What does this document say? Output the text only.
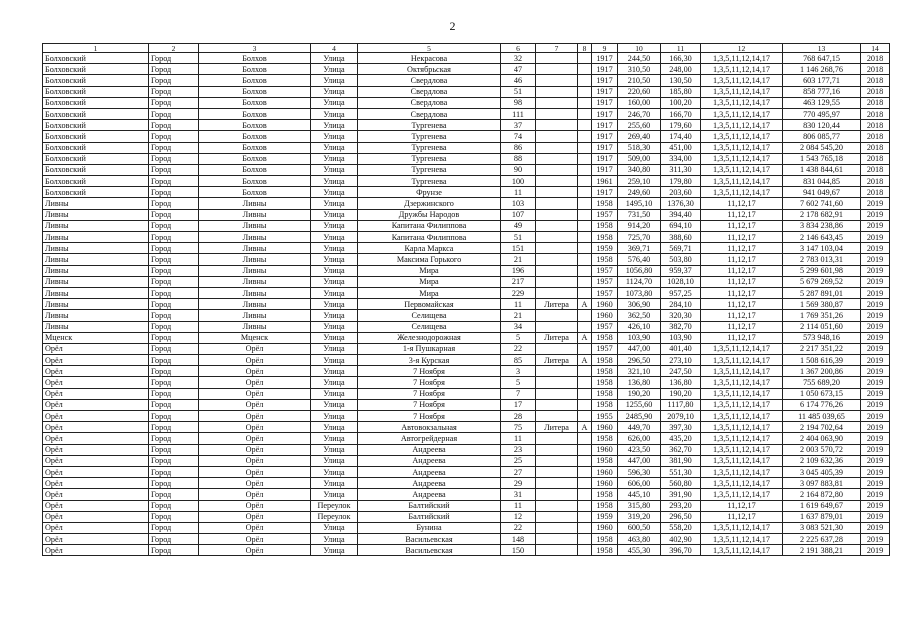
2
1	2	3	4	5	6	7	8	9	10	11	12	13	14
Болховский	Город	Болхов	Улица	Некрасова	32			1917	244,50	166,30	1,3,5,11,12,14,17	768 647,15	2018
Болховский	Город	Болхов	Улица	Октябрьская	47			1917	310,50	248,00	1,3,5,11,12,14,17	1 146 268,76	2018
Болховский	Город	Болхов	Улица	Свердлова	46			1917	210,50	130,50	1,3,5,11,12,14,17	603 177,71	2018
Болховский	Город	Болхов	Улица	Свердлова	51			1917	220,60	185,80	1,3,5,11,12,14,17	858 777,16	2018
Болховский	Город	Болхов	Улица	Свердлова	98			1917	160,00	100,20	1,3,5,11,12,14,17	463 129,55	2018
Болховский	Город	Болхов	Улица	Свердлова	111			1917	246,70	166,70	1,3,5,11,12,14,17	770 495,97	2018
Болховский	Город	Болхов	Улица	Тургенева	37			1917	255,60	179,60	1,3,5,11,12,14,17	830 120,44	2018
Болховский	Город	Болхов	Улица	Тургенева	74			1917	269,40	174,40	1,3,5,11,12,14,17	806 085,77	2018
Болховский	Город	Болхов	Улица	Тургенева	86			1917	518,30	451,00	1,3,5,11,12,14,17	2 084 545,20	2018
Болховский	Город	Болхов	Улица	Тургенева	88			1917	509,00	334,00	1,3,5,11,12,14,17	1 543 765,18	2018
Болховский	Город	Болхов	Улица	Тургенева	90			1917	340,80	311,30	1,3,5,11,12,14,17	1 438 844,61	2018
Болховский	Город	Болхов	Улица	Тургенева	100			1961	259,10	179,80	1,3,5,11,12,14,17	831 044,85	2018
Болховский	Город	Болхов	Улица	Фрунзе	11			1917	249,60	203,60	1,3,5,11,12,14,17	941 049,67	2018
Ливны	Город	Ливны	Улица	Дзержинского	103			1958	1495,10	1376,30	11,12,17	7 602 741,60	2019
Ливны	Город	Ливны	Улица	Дружбы Народов	107			1957	731,50	394,40	11,12,17	2 178 682,91	2019
Ливны	Город	Ливны	Улица	Капитана Филиппова	49			1958	914,20	694,10	11,12,17	3 834 238,86	2019
Ливны	Город	Ливны	Улица	Капитана Филиппова	51			1958	725,70	388,60	11,12,17	2 146 643,45	2019
Ливны	Город	Ливны	Улица	Карла Маркса	151			1959	369,71	569,71	11,12,17	3 147 103,04	2019
Ливны	Город	Ливны	Улица	Максима Горького	21			1958	576,40	503,80	11,12,17	2 783 013,31	2019
Ливны	Город	Ливны	Улица	Мира	196			1957	1056,80	959,37	11,12,17	5 299 601,98	2019
Ливны	Город	Ливны	Улица	Мира	217			1957	1124,70	1028,10	11,12,17	5 679 269,52	2019
Ливны	Город	Ливны	Улица	Мира	229			1957	1073,80	957,25	11,12,17	5 287 891,01	2019
Ливны	Город	Ливны	Улица	Первомайская	11	Литера	А	1960	306,90	284,10	11,12,17	1 569 380,87	2019
Ливны	Город	Ливны	Улица	Селищева	21			1960	362,50	320,30	11,12,17	1 769 351,26	2019
Ливны	Город	Ливны	Улица	Селищева	34			1957	426,10	382,70	11,12,17	2 114 051,60	2019
Мценск	Город	Мценск	Улица	Железнодорожная	5	Литера	А	1958	103,90	103,90	11,12,17	573 948,16	2019
Орёл	Город	Орёл	Улица	1-я Пушкарная	22			1957	447,00	401,40	1,3,5,11,12,14,17	2 217 351,22	2019
Орёл	Город	Орёл	Улица	3-я Курская	85	Литера	А	1958	296,50	273,10	1,3,5,11,12,14,17	1 508 616,39	2019
Орёл	Город	Орёл	Улица	7 Ноября	3			1958	321,10	247,50	1,3,5,11,12,14,17	1 367 200,86	2019
Орёл	Город	Орёл	Улица	7 Ноября	5			1958	136,80	136,80	1,3,5,11,12,14,17	755 689,20	2019
Орёл	Город	Орёл	Улица	7 Ноября	7			1958	190,20	190,20	1,3,5,11,12,14,17	1 050 673,15	2019
Орёл	Город	Орёл	Улица	7 Ноября	17			1958	1255,60	1117,80	1,3,5,11,12,14,17	6 174 776,26	2019
Орёл	Город	Орёл	Улица	7 Ноября	28			1955	2485,90	2079,10	1,3,5,11,12,14,17	11 485 039,65	2019
Орёл	Город	Орёл	Улица	Автовокзальная	75	Литера	А	1960	449,70	397,30	1,3,5,11,12,14,17	2 194 702,64	2019
Орёл	Город	Орёл	Улица	Автогрейдерная	11			1958	626,00	435,20	1,3,5,11,12,14,17	2 404 063,90	2019
Орёл	Город	Орёл	Улица	Андреева	23			1960	423,50	362,70	1,3,5,11,12,14,17	2 003 570,72	2019
Орёл	Город	Орёл	Улица	Андреева	25			1958	447,00	381,90	1,3,5,11,12,14,17	2 109 632,36	2019
Орёл	Город	Орёл	Улица	Андреева	27			1960	596,30	551,30	1,3,5,11,12,14,17	3 045 405,39	2019
Орёл	Город	Орёл	Улица	Андреева	29			1960	606,00	560,80	1,3,5,11,12,14,17	3 097 883,81	2019
Орёл	Город	Орёл	Улица	Андреева	31			1958	445,10	391,90	1,3,5,11,12,14,17	2 164 872,80	2019
Орёл	Город	Орёл	Переулок	Балтийский	11			1958	315,80	293,20	11,12,17	1 619 649,67	2019
Орёл	Город	Орёл	Переулок	Балтийский	12			1959	319,20	296,50	11,12,17	1 637 879,01	2019
Орёл	Город	Орёл	Улица	Бунина	22			1960	600,50	558,20	1,3,5,11,12,14,17	3 083 521,30	2019
Орёл	Город	Орёл	Улица	Васильевская	148			1958	463,80	402,90	1,3,5,11,12,14,17	2 225 637,28	2019
Орёл	Город	Орёл	Улица	Васильевская	150			1958	455,30	396,70	1,3,5,11,12,14,17	2 191 388,21	2019
